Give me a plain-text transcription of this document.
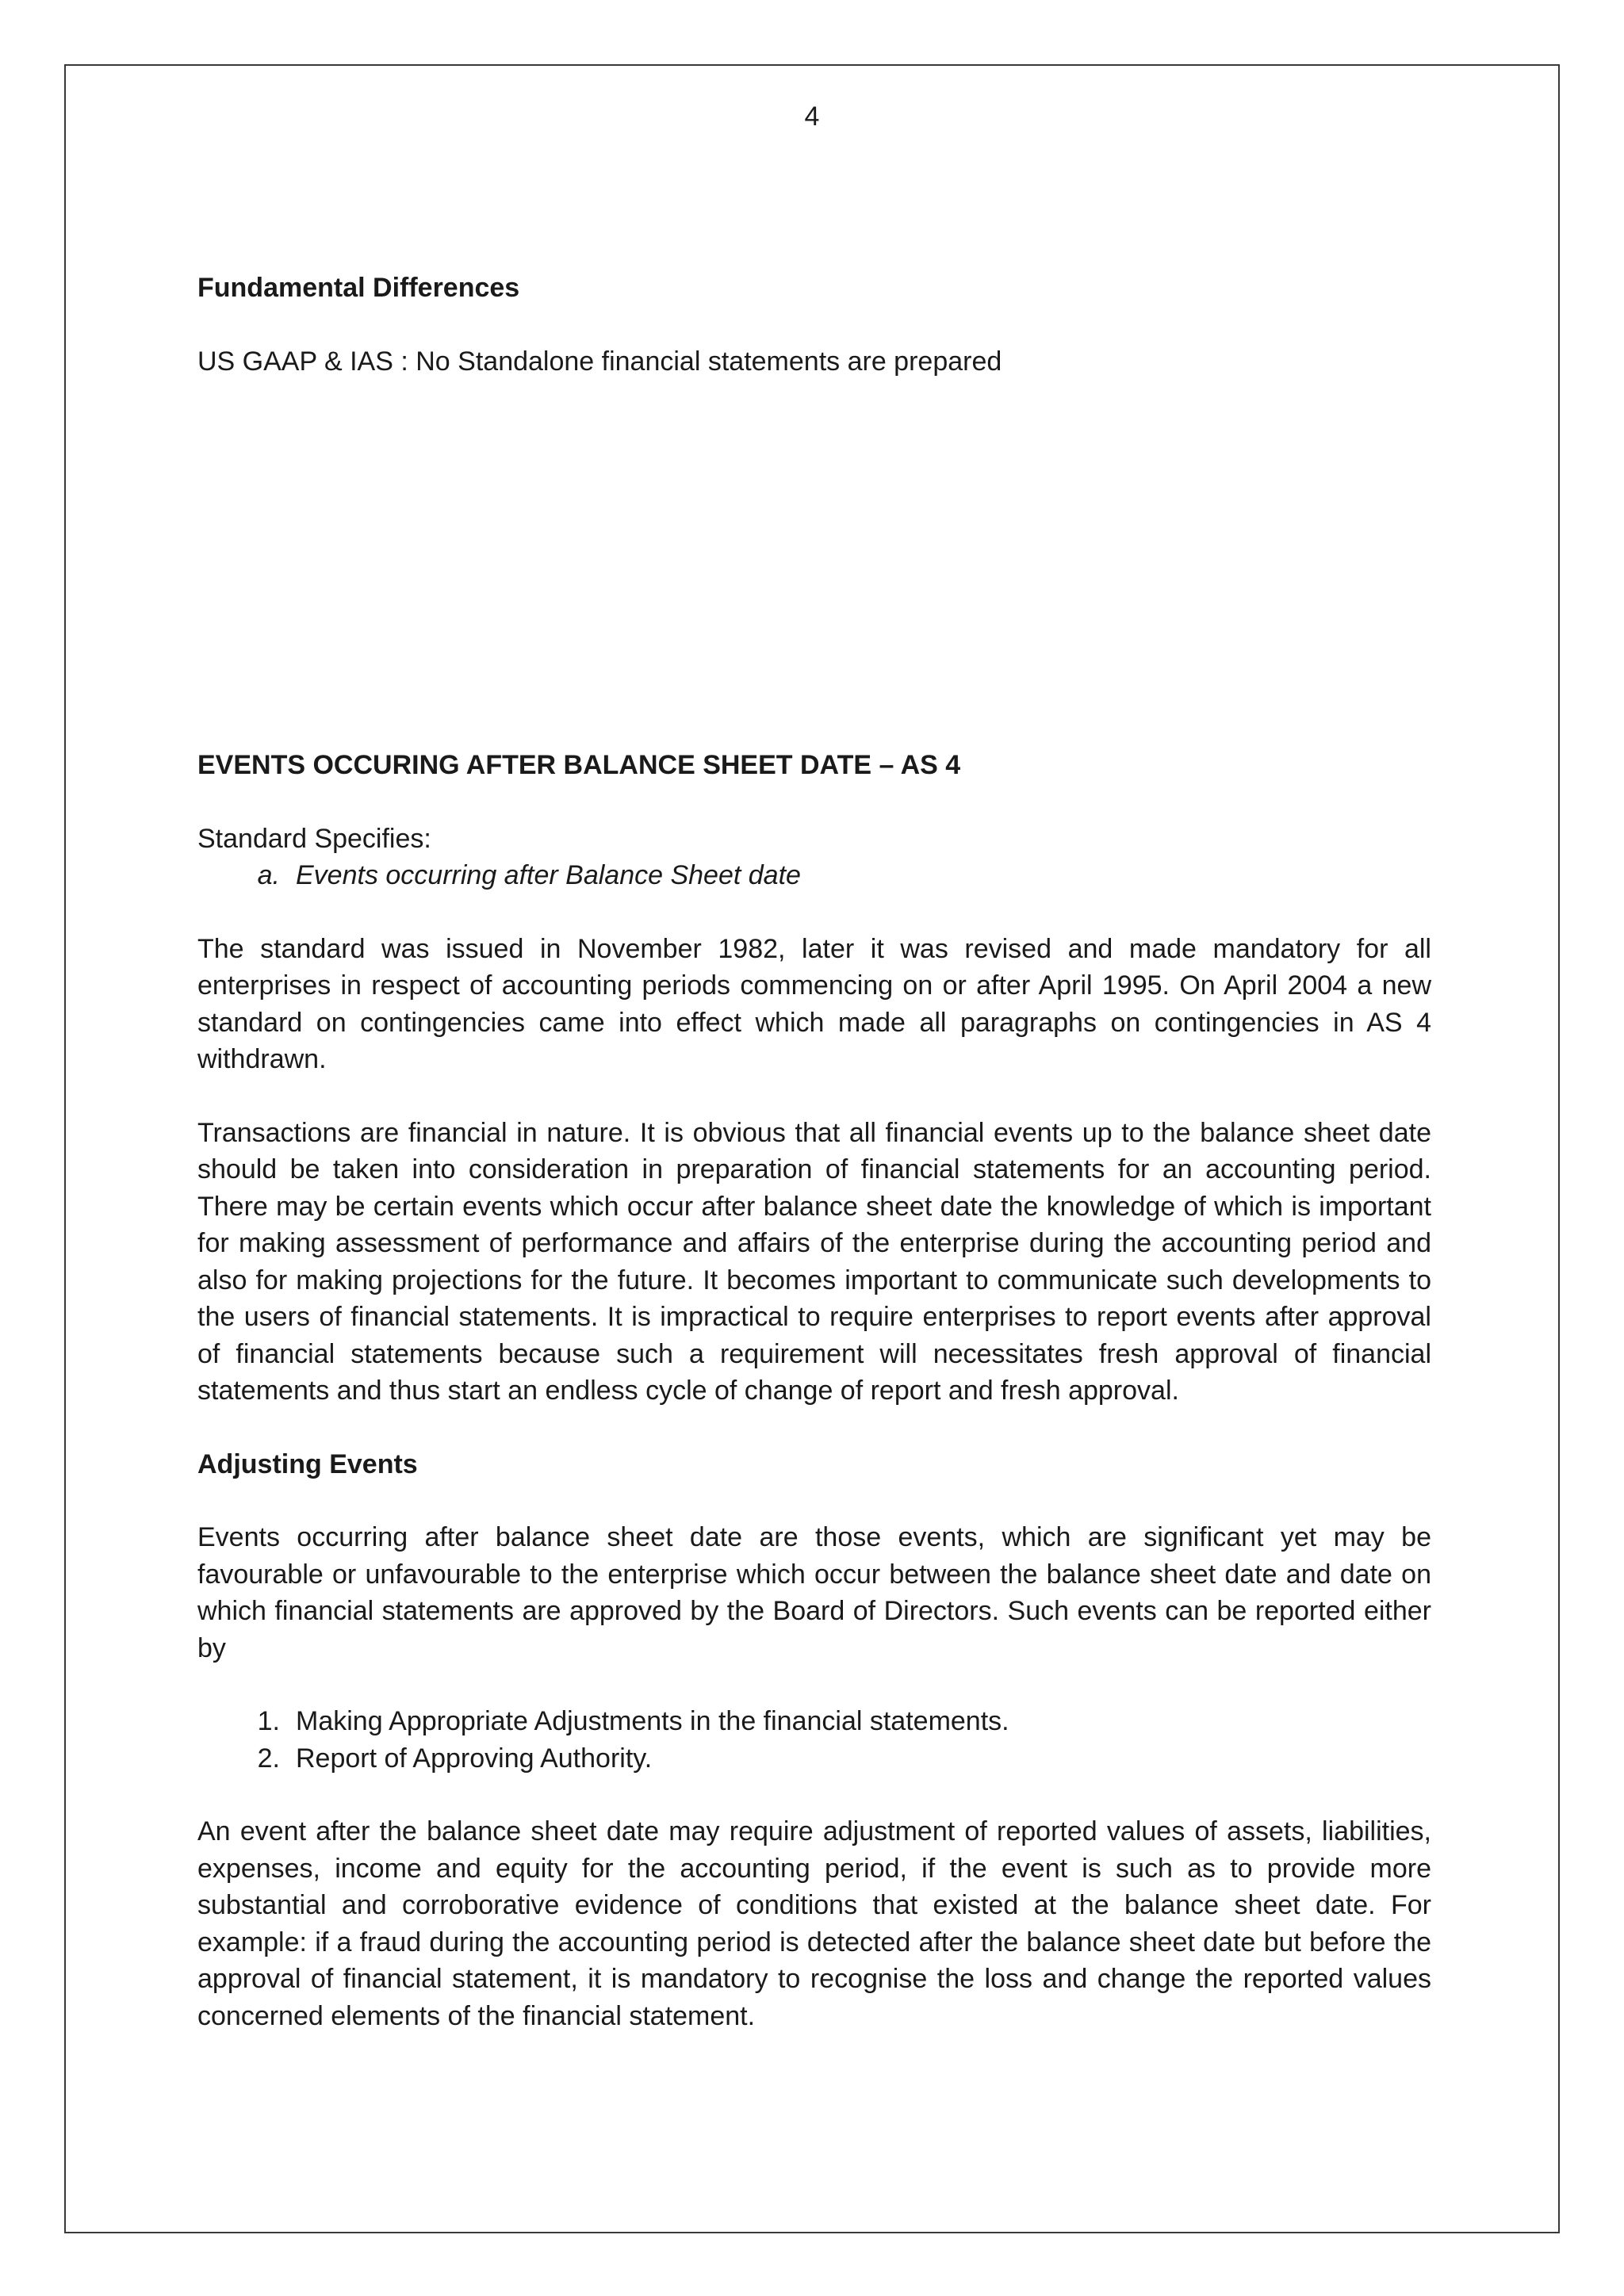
4

Fundamental Differences

US GAAP & IAS : No Standalone financial statements are prepared

EVENTS OCCURING AFTER BALANCE SHEET DATE – AS 4

Standard Specifies:

a. Events occurring after Balance Sheet date

The standard was issued in November 1982, later it was revised and made mandatory for all enterprises in respect of accounting periods commencing on or after April 1995. On April 2004 a new standard on contingencies came into effect which made all paragraphs on contingencies in AS 4 withdrawn.

Transactions are financial in nature. It is obvious that all financial events up to the balance sheet date should be taken into consideration in preparation of financial statements for an accounting period. There may be certain events which occur after balance sheet date the knowledge of which is important for making assessment of performance and affairs of the enterprise during the accounting period and also for making projections for the future. It becomes important to communicate such developments to the users of financial statements. It is impractical to require enterprises to report events after approval of financial statements because such a requirement will necessitates fresh approval of financial statements and thus start an endless cycle of change of report and fresh approval.

Adjusting Events

Events occurring after balance sheet date are those events, which are significant yet may be favourable or unfavourable to the enterprise which occur between the balance sheet date and date on which financial statements are approved by the Board of Directors. Such events can be reported either by

1. Making Appropriate Adjustments in the financial statements.
2. Report of Approving Authority.

An event after the balance sheet date may require adjustment of reported values of assets, liabilities, expenses, income and equity for the accounting period, if the event is such as to provide more substantial and corroborative evidence of conditions that existed at the balance sheet date. For example: if a fraud during the accounting period is detected after the balance sheet date but before the approval of financial statement, it is mandatory to recognise the loss and change the reported values concerned elements of the financial statement.
